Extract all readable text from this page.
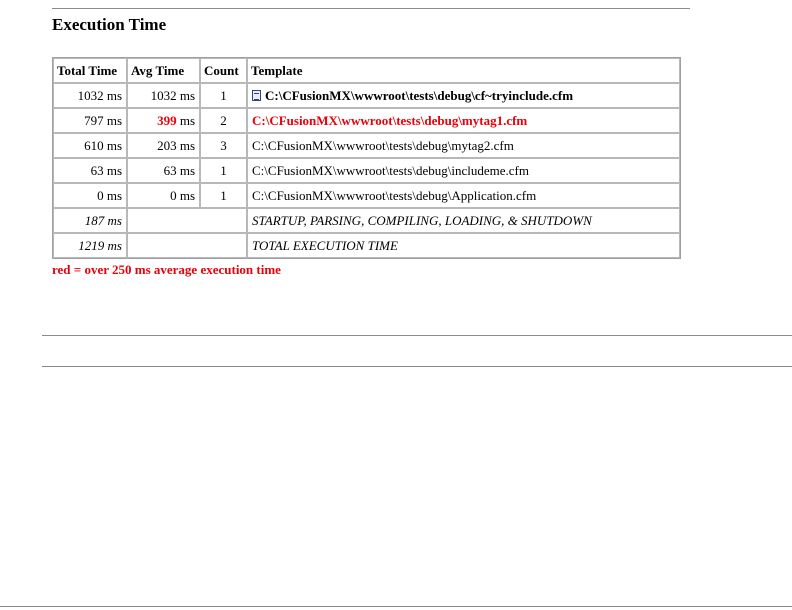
Execution Time
Total Time	Avg Time	Count	Template
1032 ms	1032 ms	1	C:\CFusionMX\wwwroot\tests\debug\cf~tryinclude.cfm
797 ms	399 ms	2	C:\CFusionMX\wwwroot\tests\debug\mytag1.cfm
610 ms	203 ms	3	C:\CFusionMX\wwwroot\tests\debug\mytag2.cfm
63 ms	63 ms	1	C:\CFusionMX\wwwroot\tests\debug\includeme.cfm
0 ms	0 ms	1	C:\CFusionMX\wwwroot\tests\debug\Application.cfm
187 ms			STARTUP, PARSING, COMPILING, LOADING, & SHUTDOWN
1219 ms			TOTAL EXECUTION TIME
red = over 250 ms average execution time
